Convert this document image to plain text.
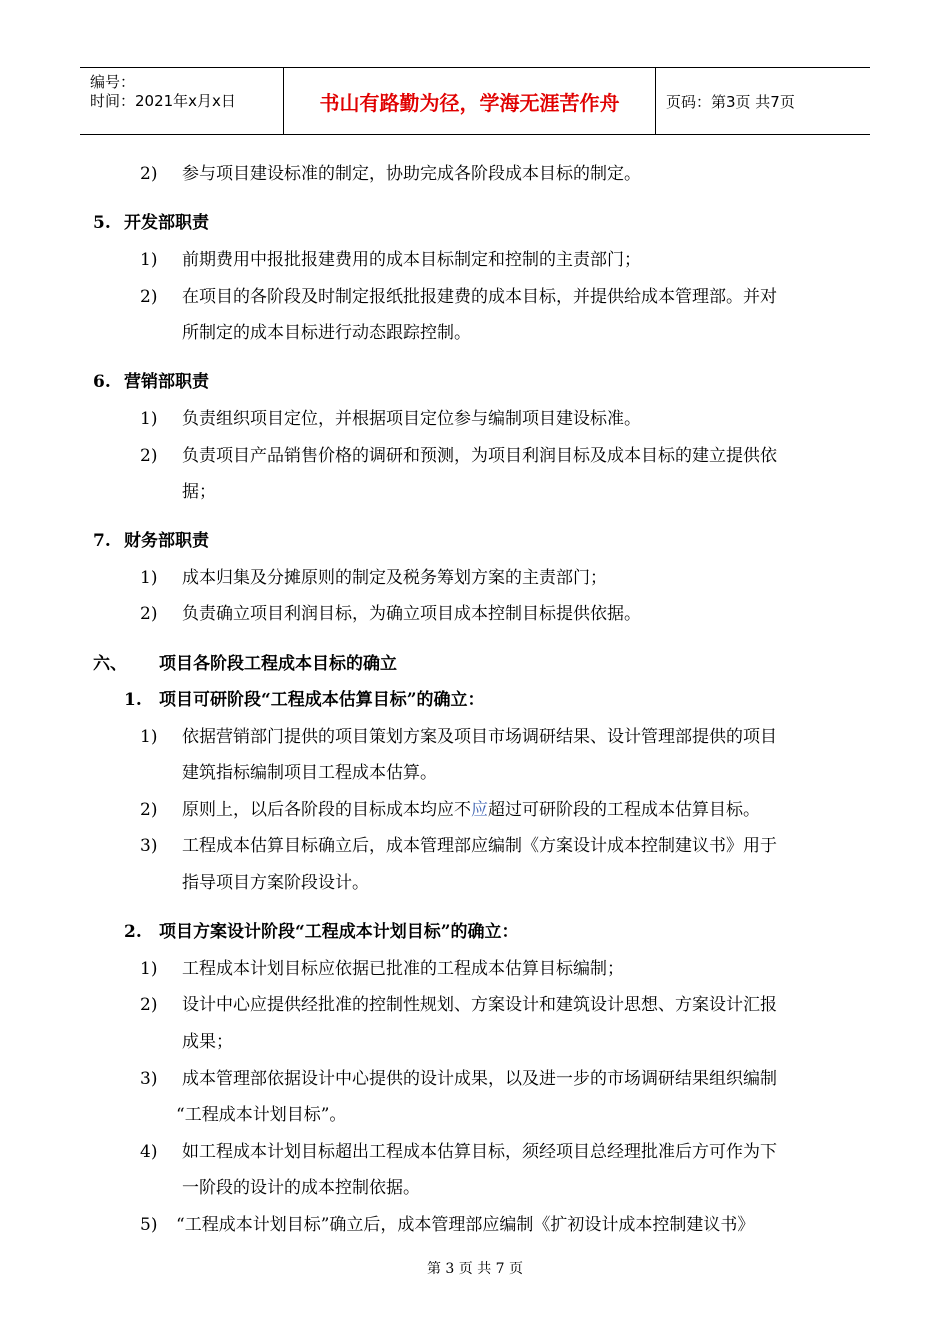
编号：
时间：2021年x月x日	书山有路勤为径，学海无涯苦作舟	页码：第3页 共7页
2) 参与项目建设标准的制定，协助完成各阶段成本目标的制定。
5. 开发部职责
1) 前期费用中报批报建费用的成本目标制定和控制的主责部门；
2) 在项目的各阶段及时制定报纸批报建费的成本目标，并提供给成本管理部。并对
所制定的成本目标进行动态跟踪控制。
6. 营销部职责
1) 负责组织项目定位，并根据项目定位参与编制项目建设标准。
2) 负责项目产品销售价格的调研和预测，为项目利润目标及成本目标的建立提供依
据；
7. 财务部职责
1) 成本归集及分摊原则的制定及税务筹划方案的主责部门；
2) 负责确立项目利润目标，为确立项目成本控制目标提供依据。
六、 项目各阶段工程成本目标的确立
1. 项目可研阶段“工程成本估算目标”的确立：
1) 依据营销部门提供的项目策划方案及项目市场调研结果、设计管理部提供的项目
建筑指标编制项目工程成本估算。
2) 原则上，以后各阶段的目标成本均应不应超过可研阶段的工程成本估算目标。
3) 工程成本估算目标确立后，成本管理部应编制《方案设计成本控制建议书》用于
指导项目方案阶段设计。
2. 项目方案设计阶段“工程成本计划目标”的确立：
1) 工程成本计划目标应依据已批准的工程成本估算目标编制；
2) 设计中心应提供经批准的控制性规划、方案设计和建筑设计思想、方案设计汇报
成果；
3) 成本管理部依据设计中心提供的设计成果，以及进一步的市场调研结果组织编制
“工程成本计划目标”。
4) 如工程成本计划目标超出工程成本估算目标，须经项目总经理批准后方可作为下
一阶段的设计的成本控制依据。
5) “工程成本计划目标”确立后，成本管理部应编制《扩初设计成本控制建议书》
第 3 页 共 7 页
